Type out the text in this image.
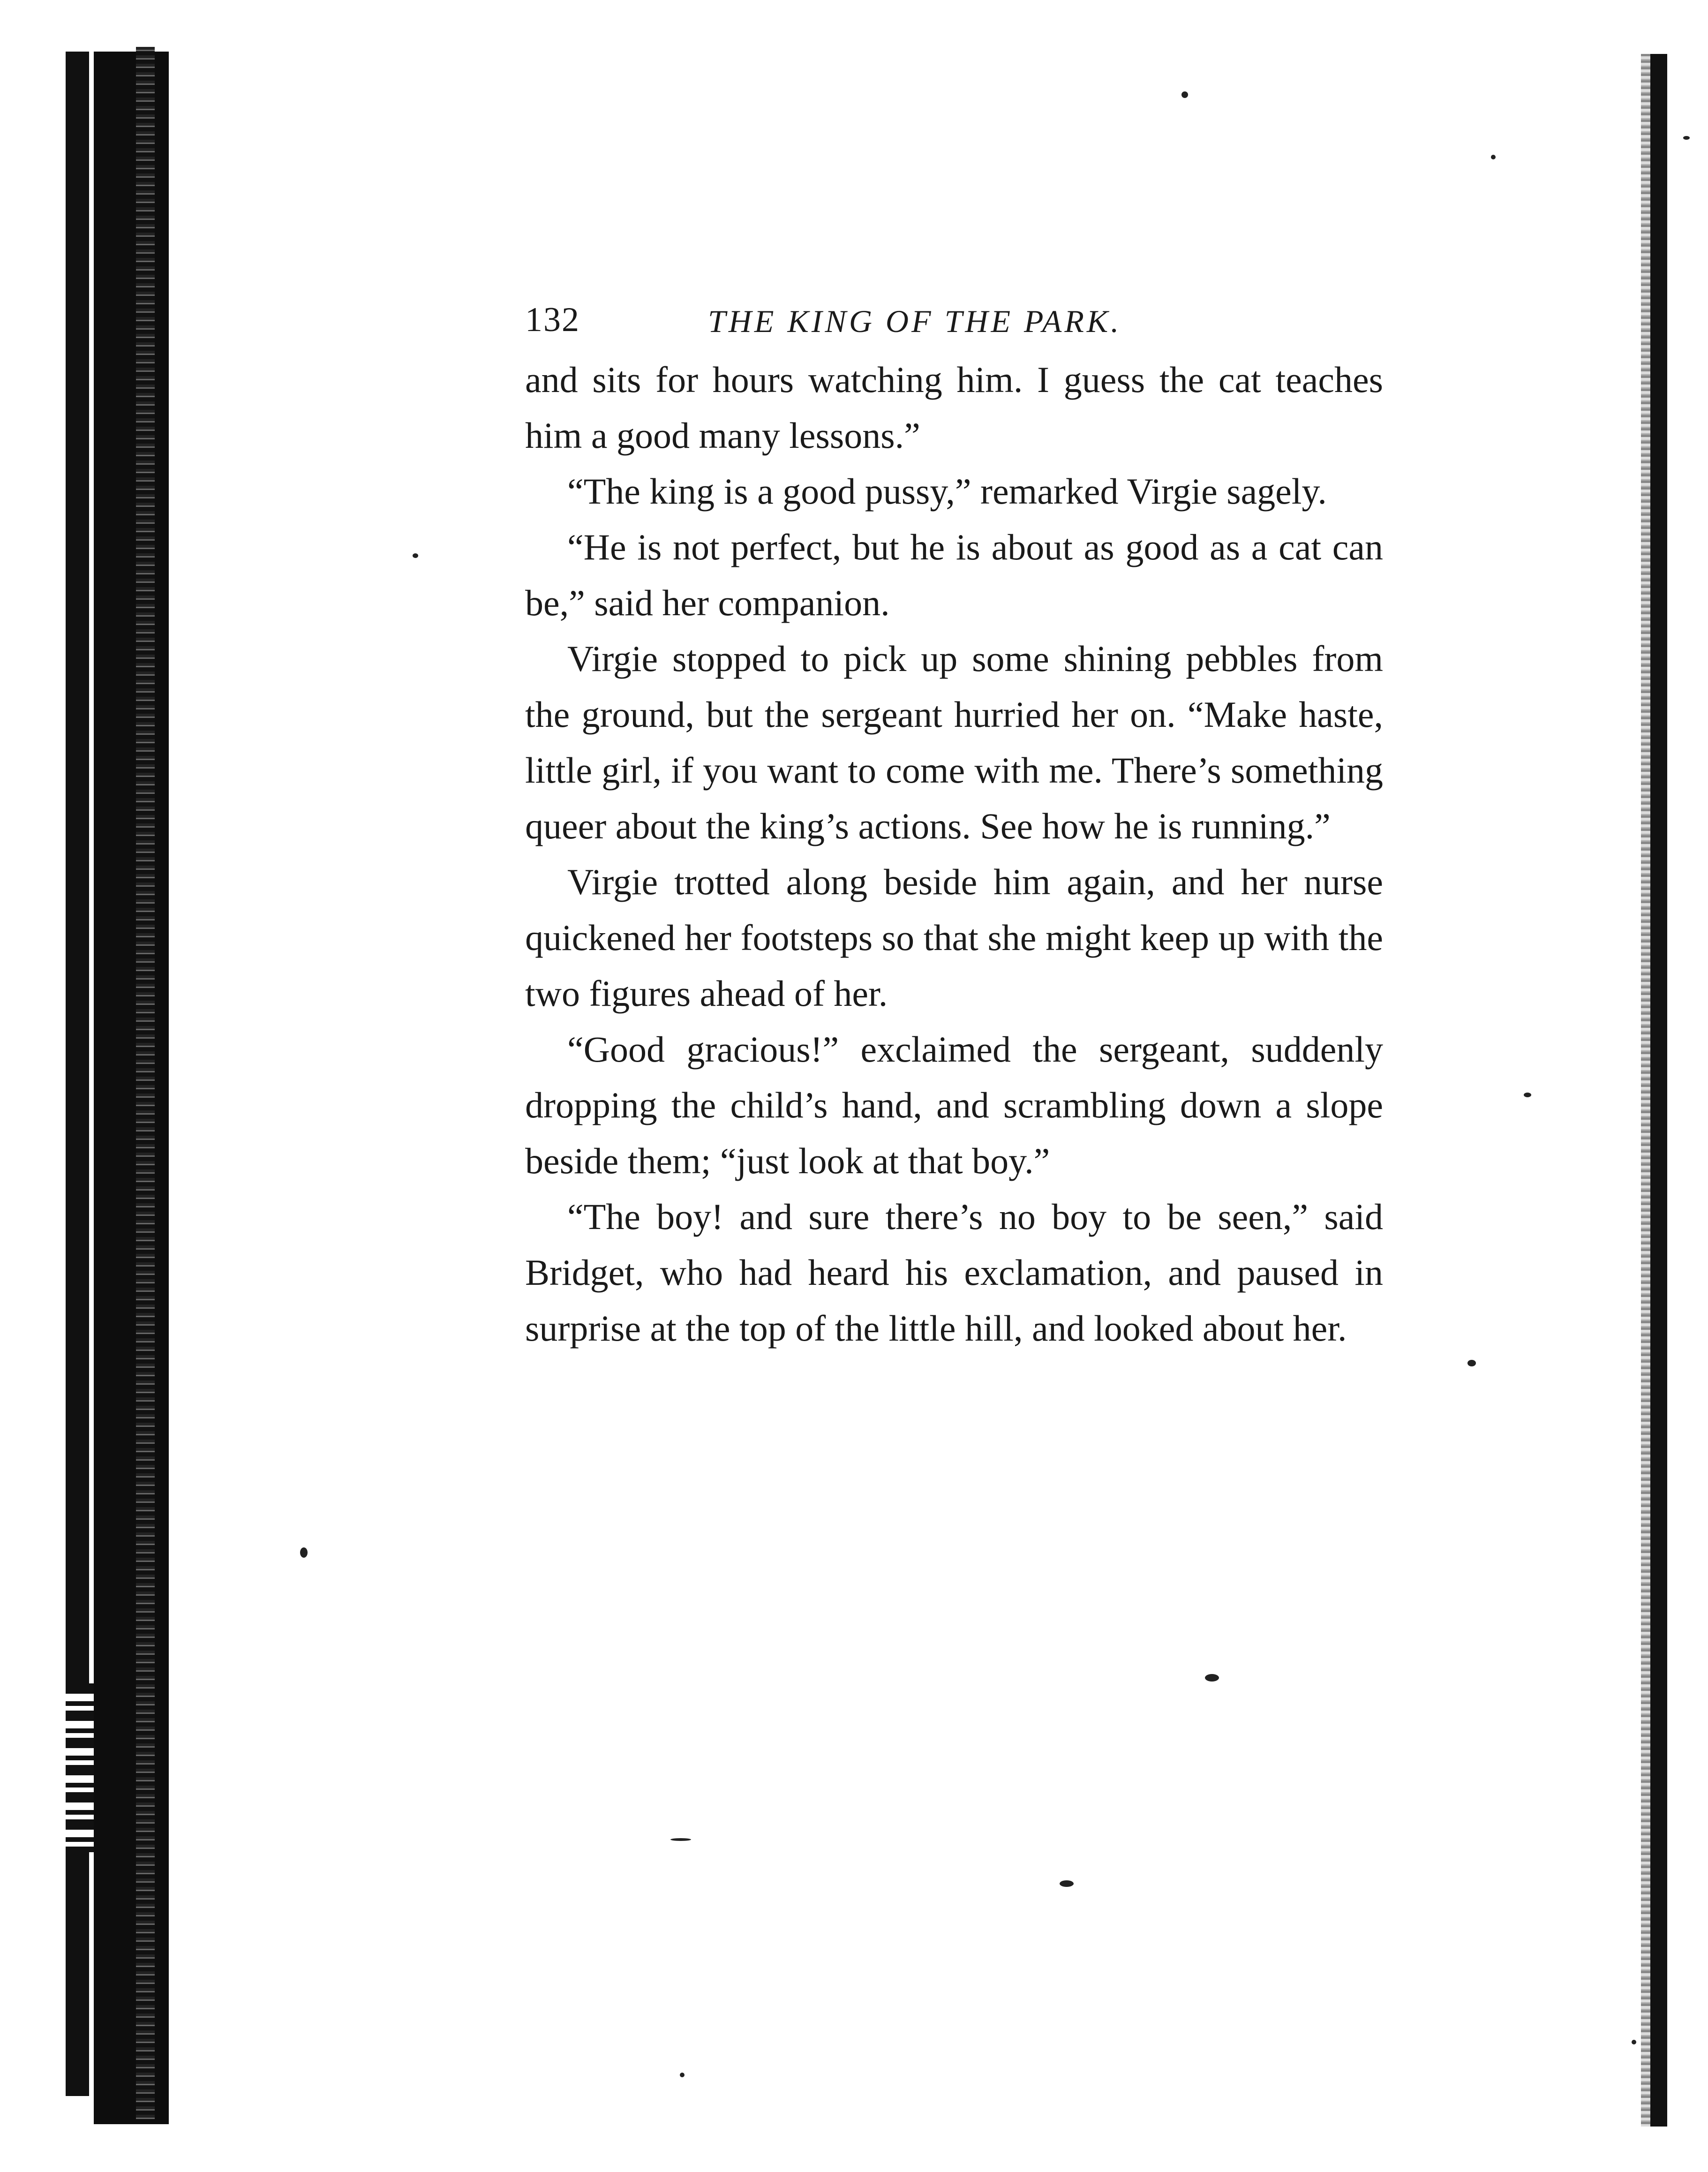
132	THE KING OF THE PARK.

and sits for hours watching him. I guess the cat teaches him a good many lessons.”

“The king is a good pussy,” remarked Virgie sagely.

“He is not perfect, but he is about as good as a cat can be,” said her companion.

Virgie stopped to pick up some shining pebbles from the ground, but the sergeant hurried her on. “Make haste, little girl, if you want to come with me. There’s something queer about the king’s actions. See how he is running.”

Virgie trotted along beside him again, and her nurse quickened her footsteps so that she might keep up with the two figures ahead of her.

“Good gracious!” exclaimed the sergeant, suddenly dropping the child’s hand, and scrambling down a slope beside them; “just look at that boy.”

“The boy! and sure there’s no boy to be seen,” said Bridget, who had heard his exclamation, and paused in surprise at the top of the little hill, and looked about her.
